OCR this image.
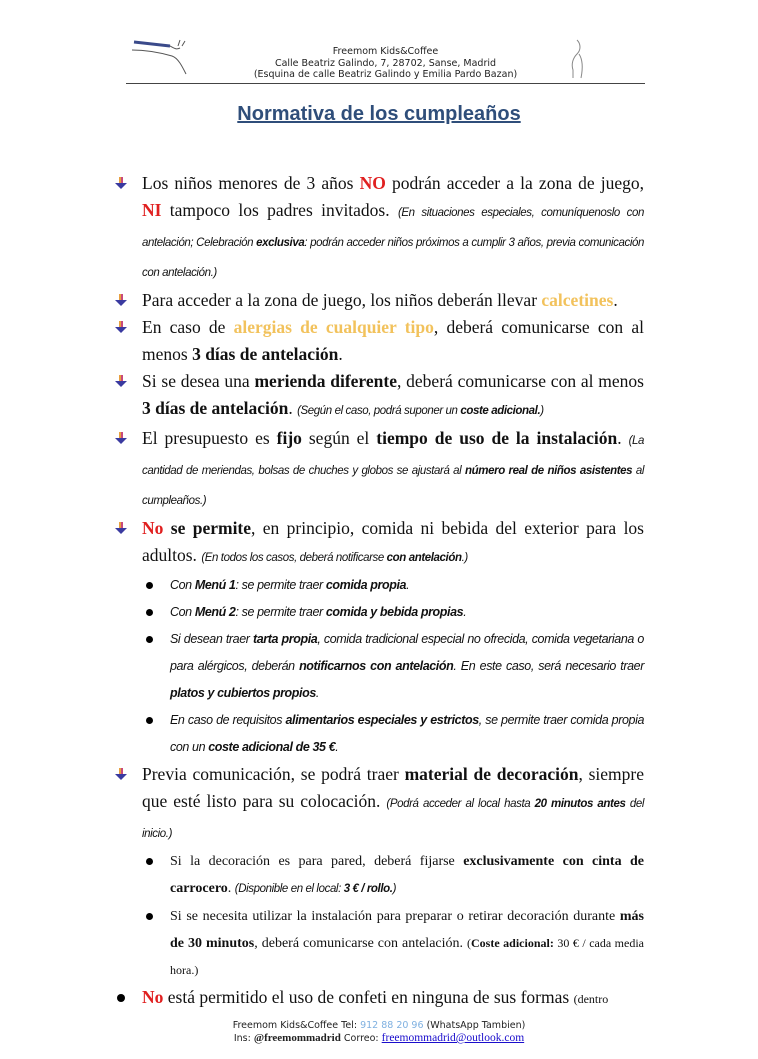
Freemom Kids&Coffee
Calle Beatriz Galindo, 7, 28702, Sanse, Madrid
(Esquina de calle Beatriz Galindo y Emilia Pardo Bazan)
Normativa de los cumpleaños
Los niños menores de 3 años NO podrán acceder a la zona de juego, NI tampoco los padres invitados. (En situaciones especiales, comuníquenoslo con antelación; Celebración exclusiva: podrán acceder niños próximos a cumplir 3 años, previa comunicación con antelación.)
Para acceder a la zona de juego, los niños deberán llevar calcetines.
En caso de alergias de cualquier tipo, deberá comunicarse con al menos 3 días de antelación.
Si se desea una merienda diferente, deberá comunicarse con al menos 3 días de antelación. (Según el caso, podrá suponer un coste adicional.)
El presupuesto es fijo según el tiempo de uso de la instalación. (La cantidad de meriendas, bolsas de chuches y globos se ajustará al número real de niños asistentes al cumpleaños.)
No se permite, en principio, comida ni bebida del exterior para los adultos. (En todos los casos, deberá notificarse con antelación.)
Con Menú 1: se permite traer comida propia.
Con Menú 2: se permite traer comida y bebida propias.
Si desean traer tarta propia, comida tradicional especial no ofrecida, comida vegetariana o para alérgicos, deberán notificarnos con antelación. En este caso, será necesario traer platos y cubiertos propios.
En caso de requisitos alimentarios especiales y estrictos, se permite traer comida propia con un coste adicional de 35 €.
Previa comunicación, se podrá traer material de decoración, siempre que esté listo para su colocación. (Podrá acceder al local hasta 20 minutos antes del inicio.)
Si la decoración es para pared, deberá fijarse exclusivamente con cinta de carrocero. (Disponible en el local: 3 € / rollo.)
Si se necesita utilizar la instalación para preparar o retirar decoración durante más de 30 minutos, deberá comunicarse con antelación. (Coste adicional: 30 € / cada media hora.)
No está permitido el uso de confeti en ninguna de sus formas (dentro
Freemom Kids&Coffee Tel: 912 88 20 96 (WhatsApp Tambien)
Ins: @freemommadrid Correo: freemommadrid@outlook.com
